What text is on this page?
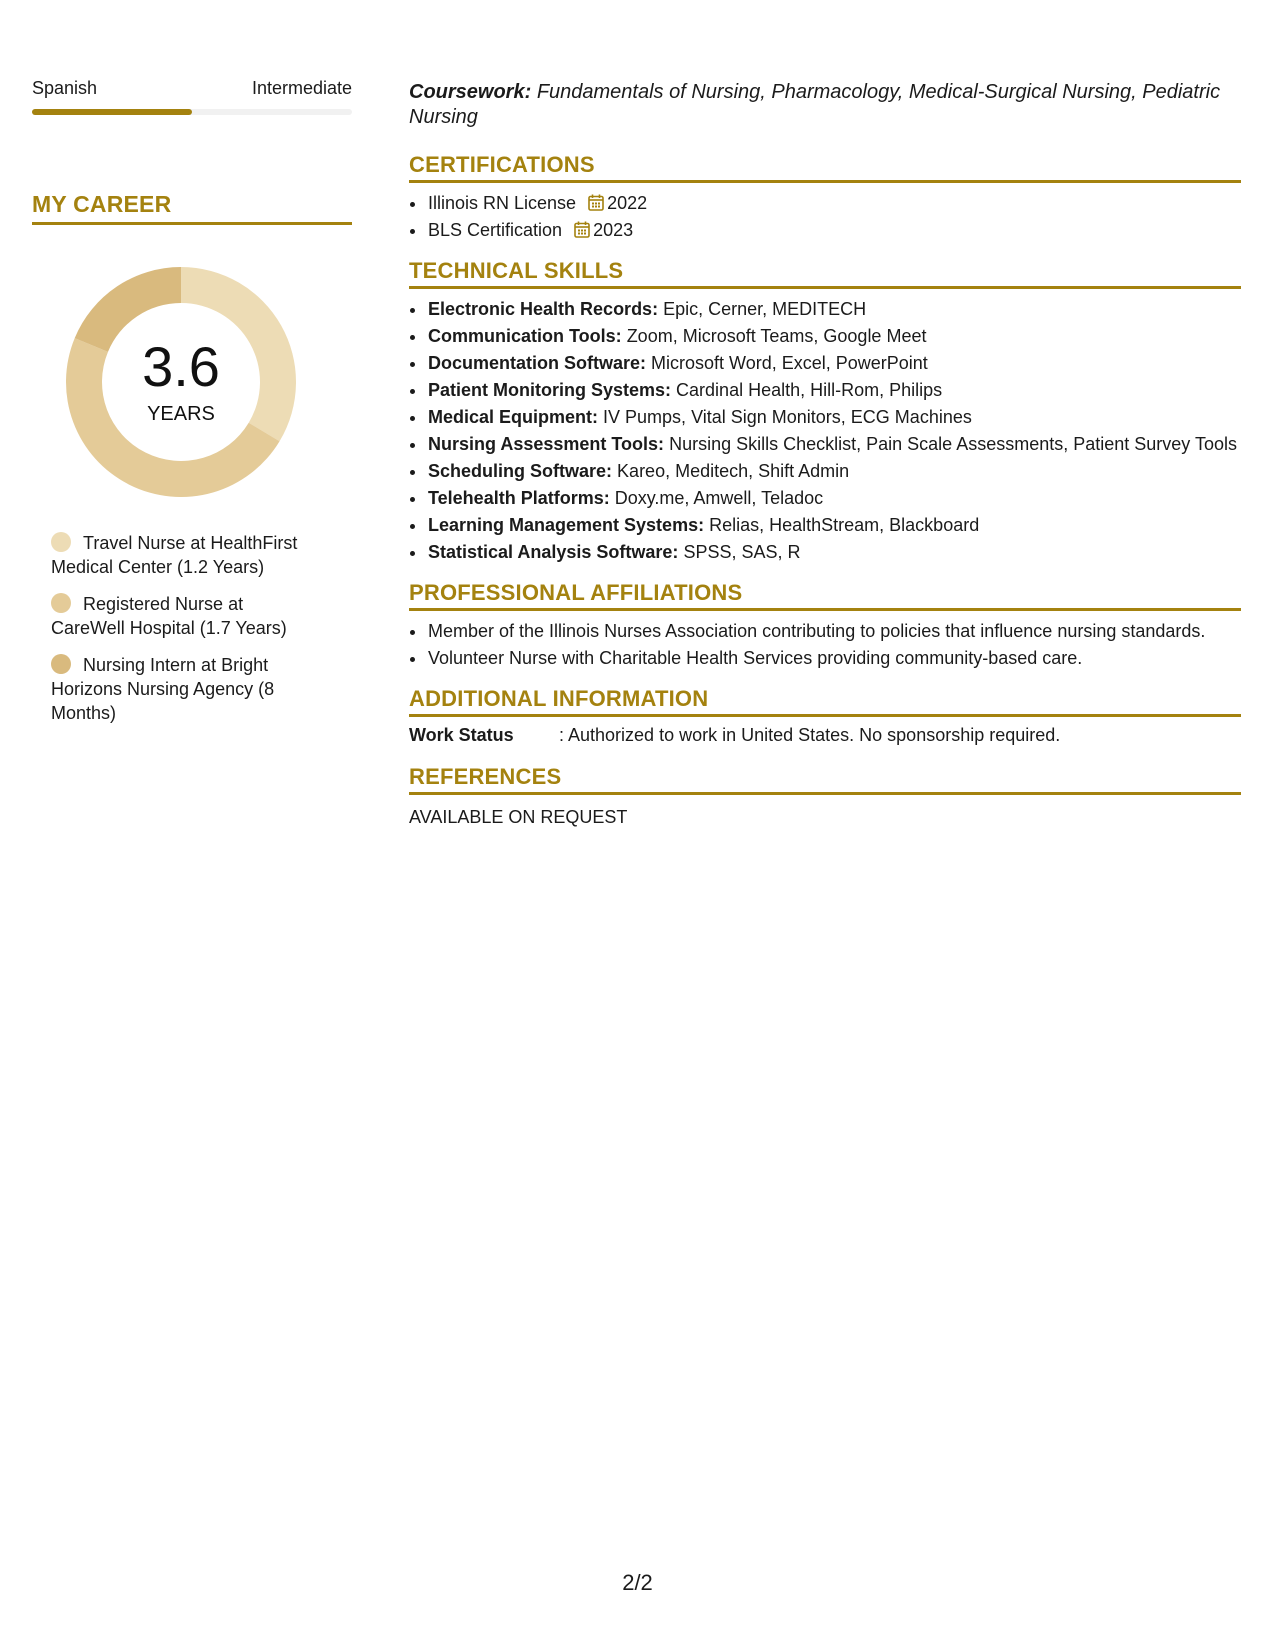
Spanish	Intermediate
MY CAREER
3.6
YEARS
Travel Nurse at HealthFirst Medical Center (1.2 Years)
Registered Nurse at CareWell Hospital (1.7 Years)
Nursing Intern at Bright Horizons Nursing Agency (8 Months)
Coursework: Fundamentals of Nursing, Pharmacology, Medical-Surgical Nursing, Pediatric Nursing
CERTIFICATIONS
• Illinois RN License 2022
• BLS Certification 2023
TECHNICAL SKILLS
• Electronic Health Records: Epic, Cerner, MEDITECH
• Communication Tools: Zoom, Microsoft Teams, Google Meet
• Documentation Software: Microsoft Word, Excel, PowerPoint
• Patient Monitoring Systems: Cardinal Health, Hill-Rom, Philips
• Medical Equipment: IV Pumps, Vital Sign Monitors, ECG Machines
• Nursing Assessment Tools: Nursing Skills Checklist, Pain Scale Assessments, Patient Survey Tools
• Scheduling Software: Kareo, Meditech, Shift Admin
• Telehealth Platforms: Doxy.me, Amwell, Teladoc
• Learning Management Systems: Relias, HealthStream, Blackboard
• Statistical Analysis Software: SPSS, SAS, R
PROFESSIONAL AFFILIATIONS
• Member of the Illinois Nurses Association contributing to policies that influence nursing standards.
• Volunteer Nurse with Charitable Health Services providing community-based care.
ADDITIONAL INFORMATION
Work Status	: Authorized to work in United States. No sponsorship required.
REFERENCES
AVAILABLE ON REQUEST
2/2
